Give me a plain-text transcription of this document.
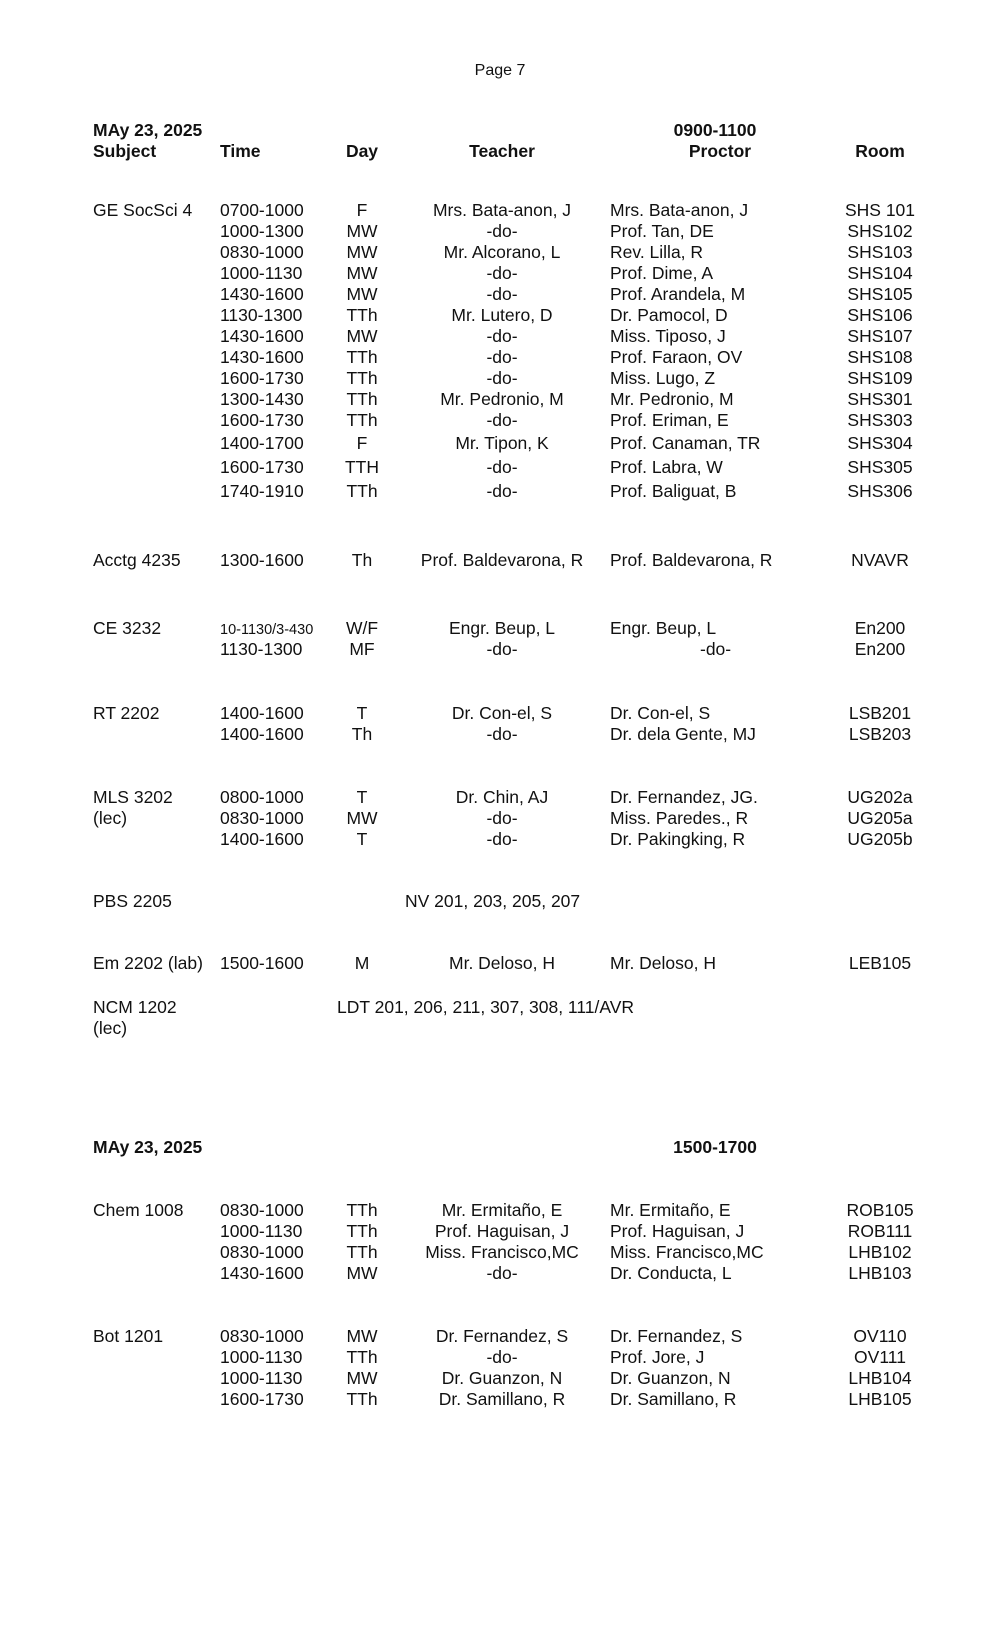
Page 7
MAy 23, 2025	0900-1100
Subject	Time	Day	Teacher	Proctor	Room
GE SocSci 4 0700-1000	F	Mrs. Bata-anon, J	Mrs. Bata-anon, J	SHS 101
1000-1300	MW	-do-	Prof. Tan, DE	SHS102
0830-1000	MW	Mr. Alcorano, L	Rev. Lilla, R	SHS103
1000-1130	MW	-do-	Prof. Dime, A	SHS104
1430-1600	MW	-do-	Prof. Arandela, M	SHS105
1130-1300	TTh	Mr. Lutero, D	Dr. Pamocol, D	SHS106
1430-1600	MW	-do-	Miss. Tiposo, J	SHS107
1430-1600	TTh	-do-	Prof. Faraon, OV	SHS108
1600-1730	TTh	-do-	Miss. Lugo, Z	SHS109
1300-1430	TTh	Mr. Pedronio, M	Mr. Pedronio, M	SHS301
1600-1730	TTh	-do-	Prof. Eriman, E	SHS303
1400-1700	F	Mr. Tipon, K	Prof. Canaman, TR	SHS304
1600-1730	TTH	-do-	Prof. Labra, W	SHS305
1740-1910	TTh	-do-	Prof. Baliguat, B	SHS306
Acctg 4235 1300-1600	Th	Prof. Baldevarona, R	Prof. Baldevarona, R	NVAVR
CE 3232	10-1130/3-430	W/F	Engr. Beup, L	Engr. Beup, L	En200
1130-1300	MF	-do-	-do-	En200
RT 2202	1400-1600	T	Dr. Con-el, S	Dr. Con-el, S	LSB201
1400-1600	Th	-do-	Dr. dela Gente, MJ	LSB203
MLS 3202
(lec)
0800-1000	T	Dr. Chin, AJ	Dr. Fernandez, JG.	UG202a
0830-1000	MW	-do-	Miss. Paredes., R	UG205a
1400-1600	T	-do-	Dr. Pakingking, R	UG205b
PBS 2205	NV 201, 203, 205, 207
Em 2202 (lab) 1500-1600	M	Mr. Deloso, H	Mr. Deloso, H	LEB105
NCM 1202
(lec)
LDT 201, 206, 211, 307, 308, 111/AVR
MAy 23, 2025	1500-1700
Chem 1008 0830-1000	TTh	Mr. Ermitaño, E	Mr. Ermitaño, E	ROB105
1000-1130	TTh	Prof. Haguisan, J	Prof. Haguisan, J	ROB111
0830-1000	TTh	Miss. Francisco,MC	Miss. Francisco,MC	LHB102
1430-1600	MW	-do-	Dr. Conducta, L	LHB103
Bot 1201	0830-1000	MW	Dr. Fernandez, S	Dr. Fernandez, S	OV110
1000-1130	TTh	-do-	Prof. Jore, J	OV111
1000-1130	MW	Dr. Guanzon, N	Dr. Guanzon, N	LHB104
1600-1730	TTh	Dr. Samillano, R	Dr. Samillano, R	LHB105
